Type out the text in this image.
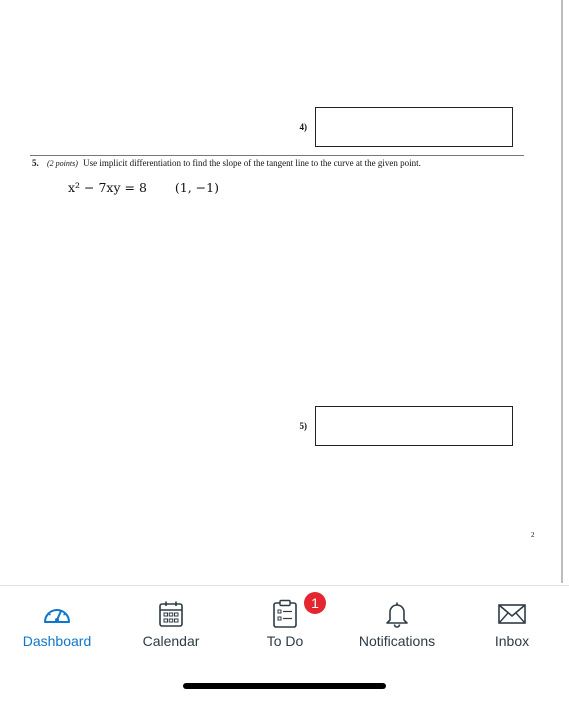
4)
5. (2 points) Use implicit differentiation to find the slope of the tangent line to the curve at the given point.
x² − 7xy = 8 (1, −1)
5)
2
Dashboard	Calendar
1
To Do	Notifications	Inbox
